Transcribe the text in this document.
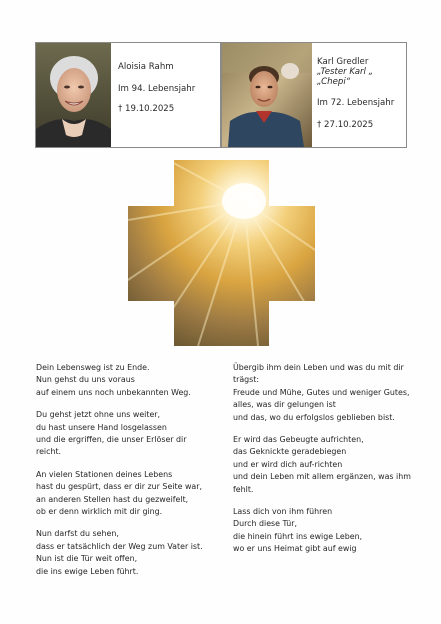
Aloisia Rahm
Im 94. Lebensjahr
† 19.10.2025
Karl Gredler
„Tester Karl „ „Chepi“
Im 72. Lebensjahr
† 27.10.2025
Dein Lebensweg ist zu Ende.
Nun gehst du uns voraus
auf einem uns noch unbekannten Weg.
Du gehst jetzt ohne uns weiter,
du hast unsere Hand losgelassen
und die ergriffen, die unser Erlöser dir
reicht.
An vielen Stationen deines Lebens
hast du gespürt, dass er dir zur Seite war,
an anderen Stellen hast du gezweifelt,
ob er denn wirklich mit dir ging.
Nun darfst du sehen,
dass er tatsächlich der Weg zum Vater ist.
Nun ist die Tür weit offen,
die ins ewige Leben führt.
Übergib ihm dein Leben und was du mit dir
trägst:
Freude und Mühe, Gutes und weniger Gutes,
alles, was dir gelungen ist
und das, wo du erfolgslos geblieben bist.
Er wird das Gebeugte aufrichten,
das Geknickte geradebiegen
und er wird dich auf-richten
und dein Leben mit allem ergänzen, was ihm
fehlt.
Lass dich von ihm führen
Durch diese Tür,
die hinein führt ins ewige Leben,
wo er uns Heimat gibt auf ewig
